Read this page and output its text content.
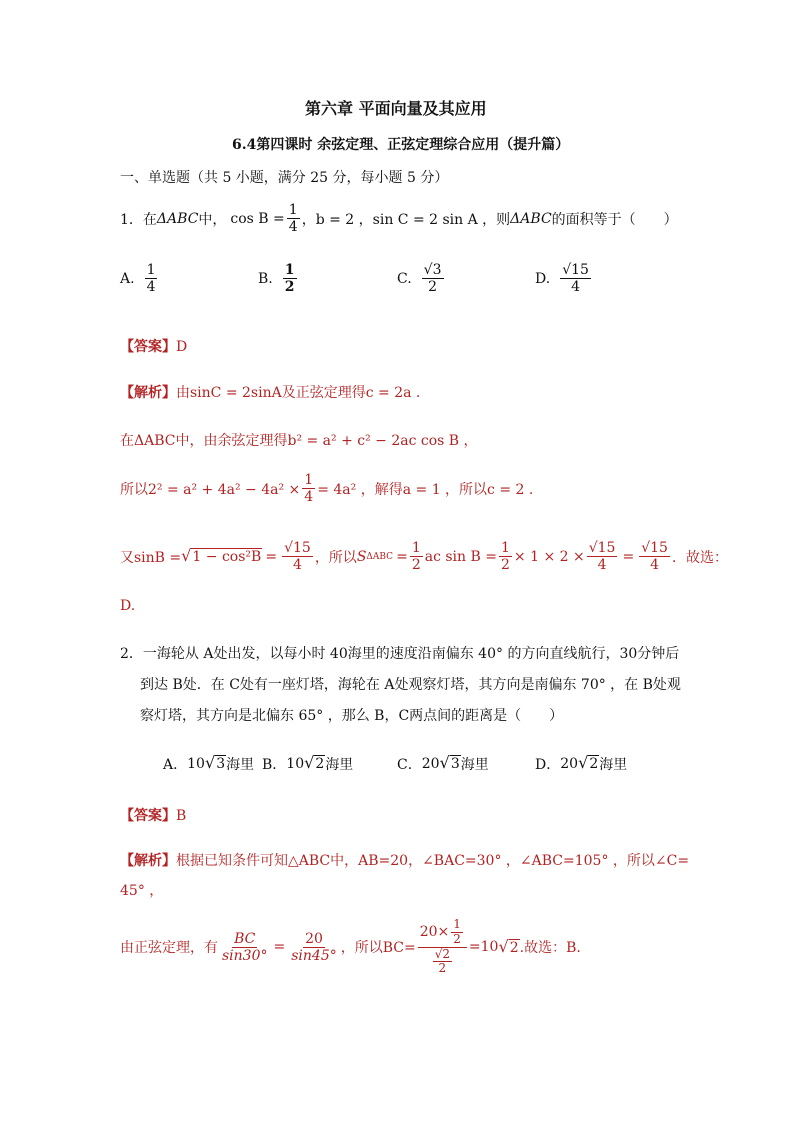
第六章 平面向量及其应用
6.4第四课时 余弦定理、正弦定理综合应用（提升篇）
一、单选题（共 5 小题，满分 25 分，每小题 5 分）
1．在 ΔABC 中， $\cos B = \frac{1}{4}$ ，b = 2 ，sin C = 2 sin A ，则 ΔABC 的面积等于（　　）
A. $\frac{1}{4}$	B. $\frac{1}{2}$	C. $\frac{√3}{2}$	D. $\frac{√15}{4}$
【答案】D
【解析】由sinC = 2sinA及正弦定理得c = 2a .
在ΔABC中，由余弦定理得b² = a² + c² − 2ac cos B ，
所以$2^2 = a^2 + 4a^2 - 4a^2 \times \frac{1}{4} = 4a^2$ ，解得a = 1 ，所以c = 2 .
又sinB = √ $1 - \cos^2B = \frac{√15}{4}$ ，所以 S $\Delta ABC = \frac{1}{2}$ ac $\sin B = \frac{1}{2} \times 1 \times 2 \times \frac{√15}{4} = \frac{√15}{4}$ ．故选：
D.
2．一海轮从 A处出发，以每小时 40海里的速度沿南偏东 40° 的方向直线航行，30分钟后
到达 B处．在 C处有一座灯塔，海轮在 A处观察灯塔，其方向是南偏东 70° ，在 B处观
察灯塔，其方向是北偏东 65° ，那么 B，C两点间的距离是（　　）
A． 10 √ 3 海里 B． 10 √ 2 海里	C． 20 √ 3 海里	D． 20 √ 2 海里
【答案】B
【解析】根据已知条件可知△ABC中，AB=20，∠BAC=30° ，∠ABC=105° ，所以∠C=
45° ，
由正弦定理，有 $\frac{BC}{\sin 30^\circ} = \frac{20}{\sin 45^\circ}$ ，所以$BC= \frac{20\times \frac{1}{2}}{\frac{√2}{2}} =10$ √ 2 .故选：B.
